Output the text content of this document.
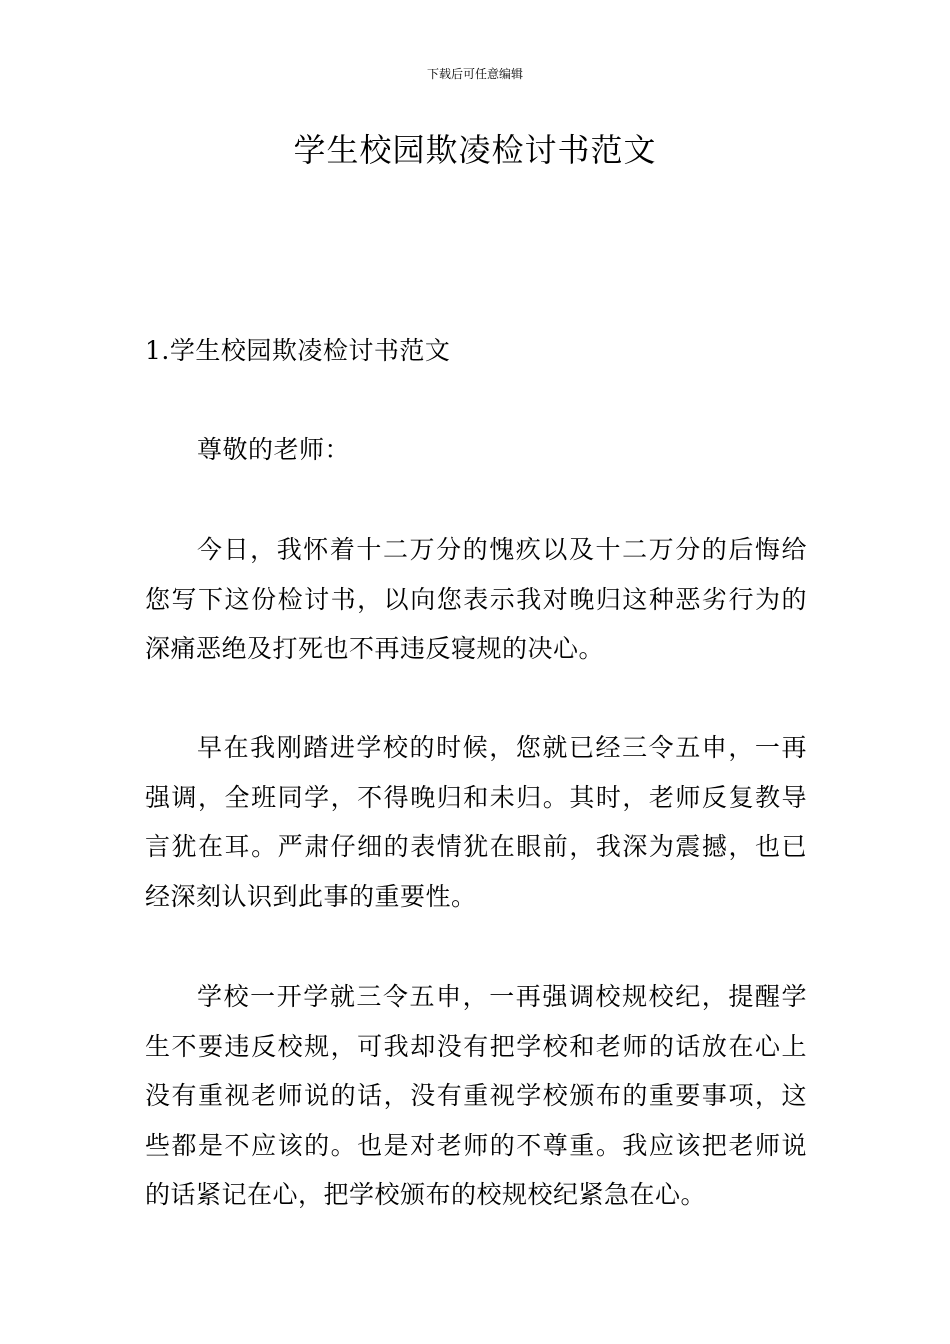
下载后可任意编辑
学生校园欺凌检讨书范文

1.学生校园欺凌检讨书范文

尊敬的老师：

今日，我怀着十二万分的愧疚以及十二万分的后悔给您写下这份检讨书，以向您表示我对晚归这种恶劣行为的深痛恶绝及打死也不再违反寝规的决心。

早在我刚踏进学校的时候，您就已经三令五申，一再强调，全班同学，不得晚归和未归。其时，老师反复教导言犹在耳。严肃仔细的表情犹在眼前，我深为震撼，也已经深刻认识到此事的重要性。

学校一开学就三令五申，一再强调校规校纪，提醒学生不要违反校规，可我却没有把学校和老师的话放在心上没有重视老师说的话，没有重视学校颁布的重要事项，这些都是不应该的。也是对老师的不尊重。我应该把老师说的话紧记在心，把学校颁布的校规校纪紧急在心。
